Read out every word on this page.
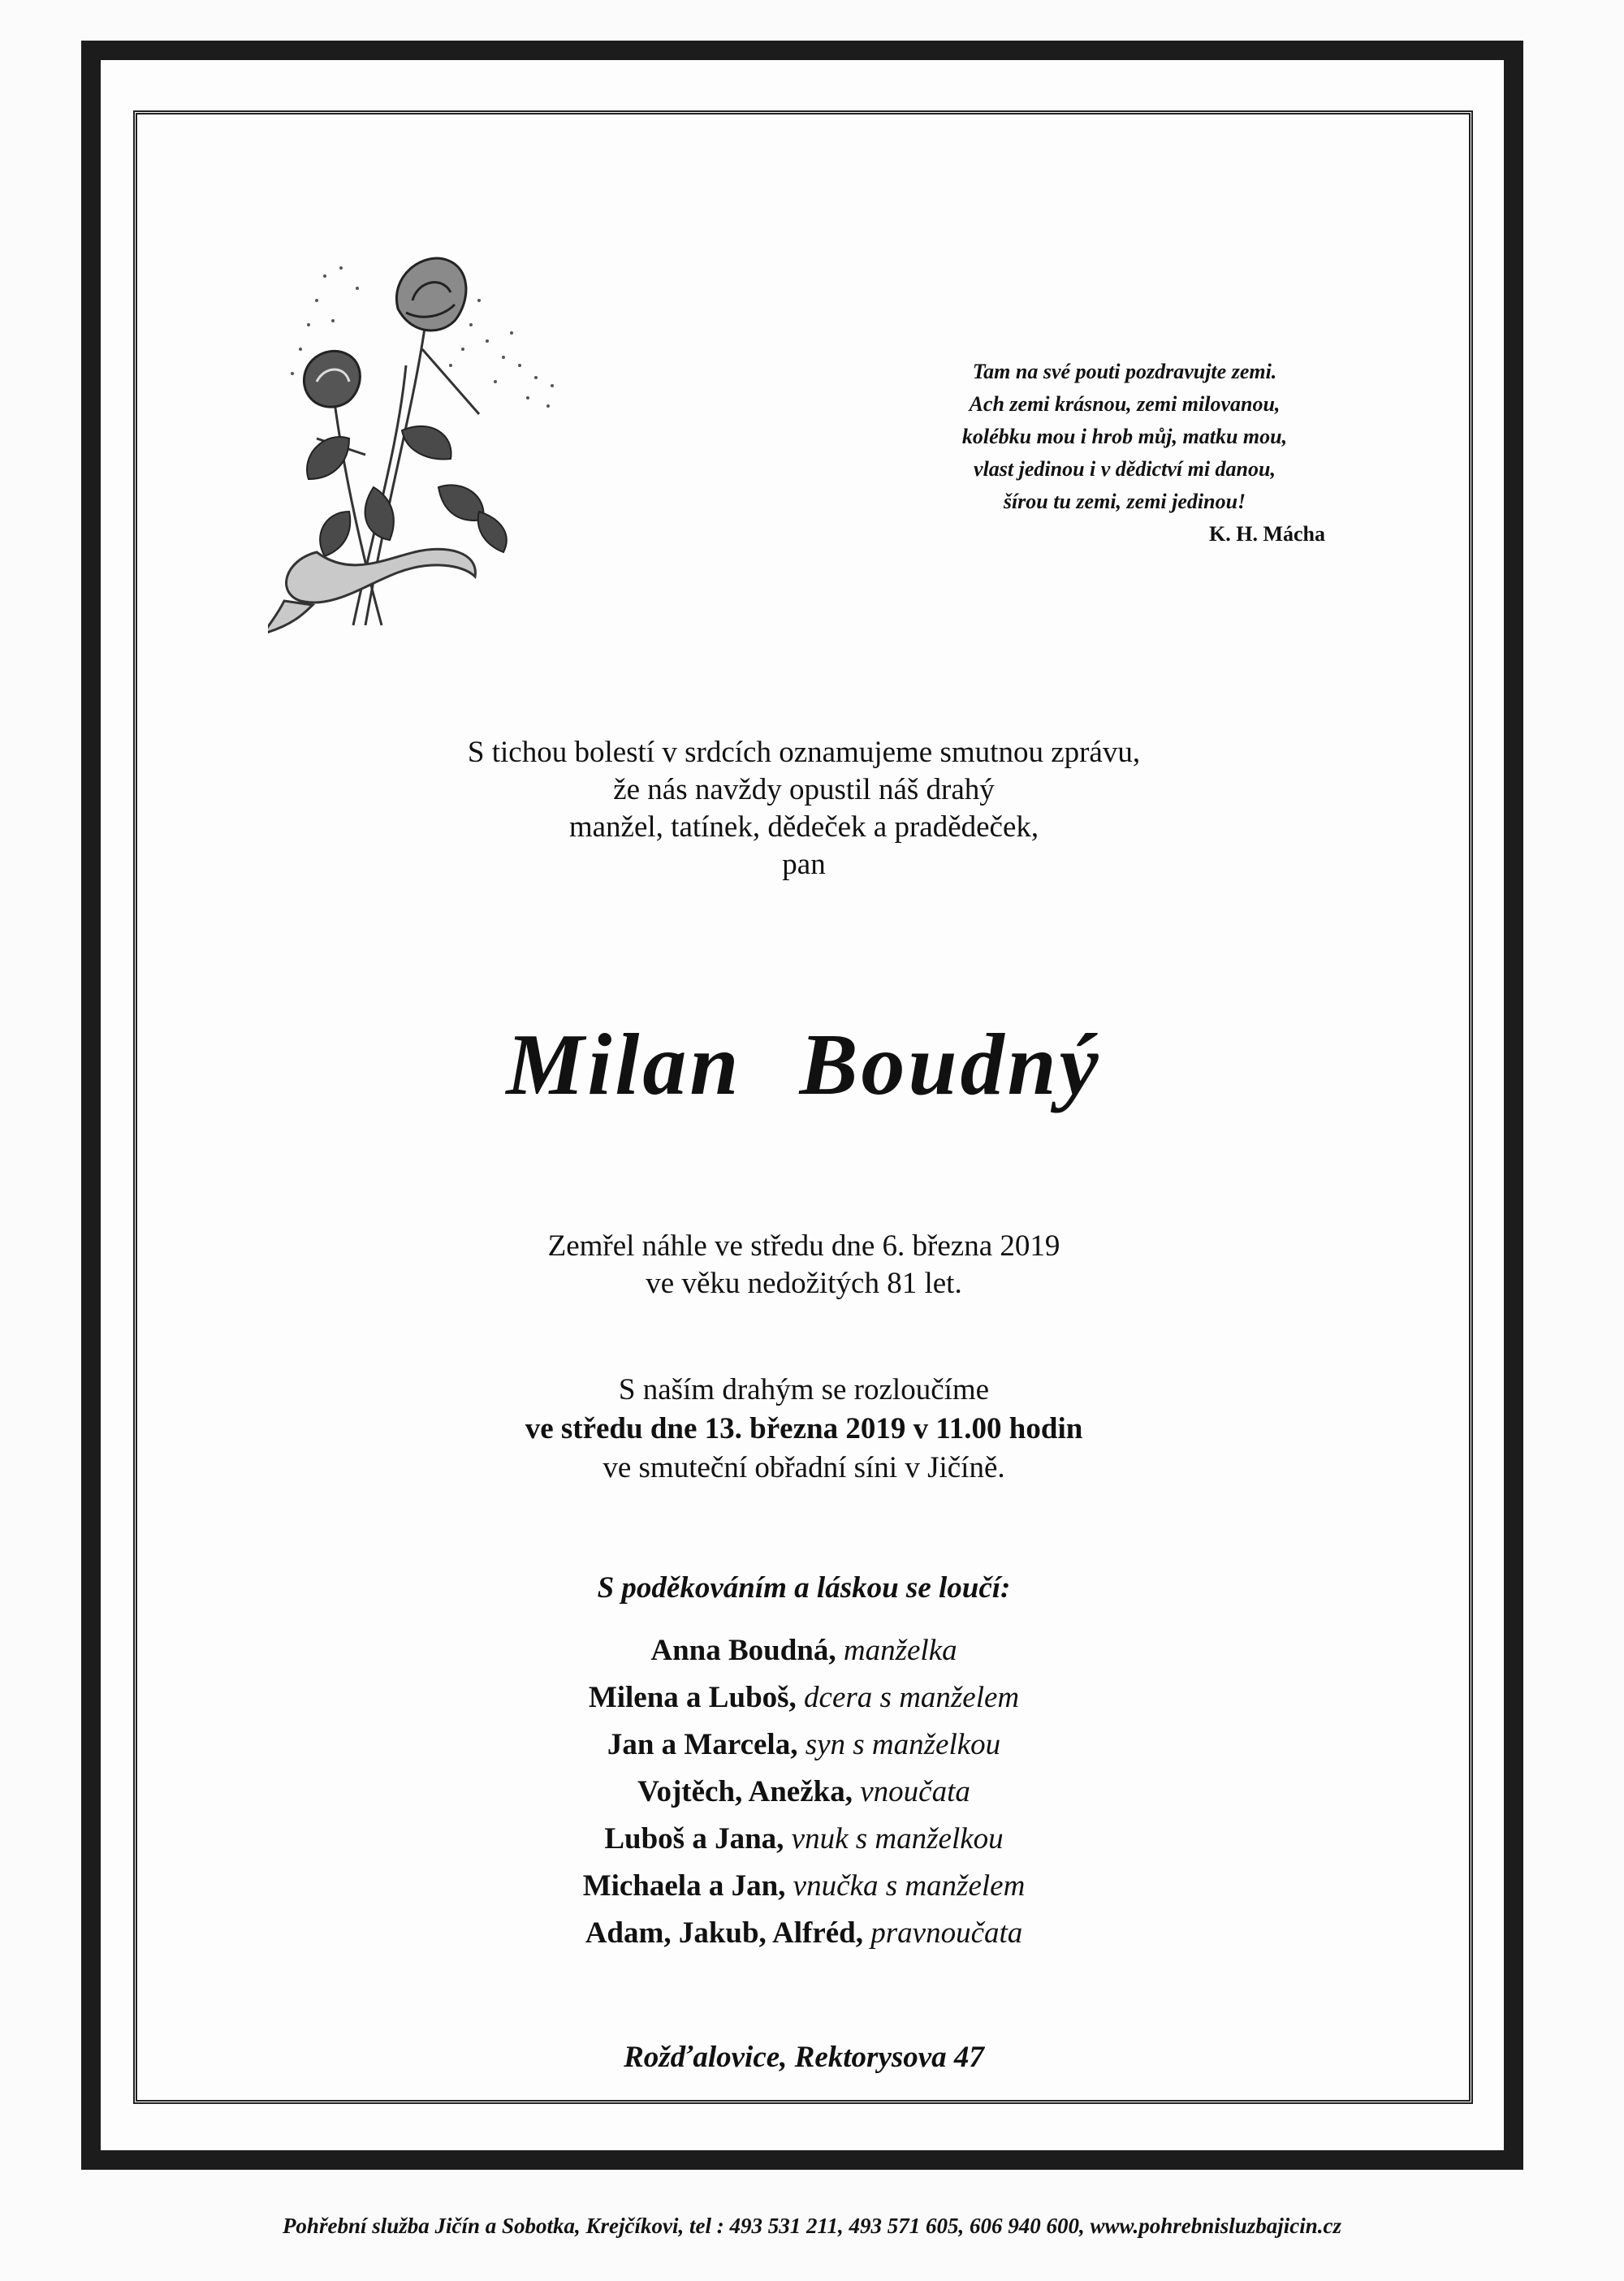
Tam na své pouti pozdravujte zemi.
Ach zemi krásnou, zemi milovanou,
kolébku mou i hrob můj, matku mou,
vlast jedinou i v dědictví mi danou,
šírou tu zemi, zemi jedinou!
K. H. Mácha
S tichou bolestí v srdcích oznamujeme smutnou zprávu,
že nás navždy opustil náš drahý
manžel, tatínek, dědeček a pradědeček,
pan
Milan Boudný
Zemřel náhle ve středu dne 6. března 2019
ve věku nedožitých 81 let.
S naším drahým se rozloučíme
ve středu dne 13. března 2019 v 11.00 hodin
ve smuteční obřadní síni v Jičíně.
S poděkováním a láskou se loučí:
Anna Boudná, manželka
Milena a Luboš, dcera s manželem
Jan a Marcela, syn s manželkou
Vojtěch, Anežka, vnoučata
Luboš a Jana, vnuk s manželkou
Michaela a Jan, vnučka s manželem
Adam, Jakub, Alfréd, pravnoučata
Rožďalovice, Rektorysova 47
Pohřební služba Jičín a Sobotka, Krejčíkovi, tel : 493 531 211, 493 571 605, 606 940 600, www.pohrebnisluzbajicin.cz
